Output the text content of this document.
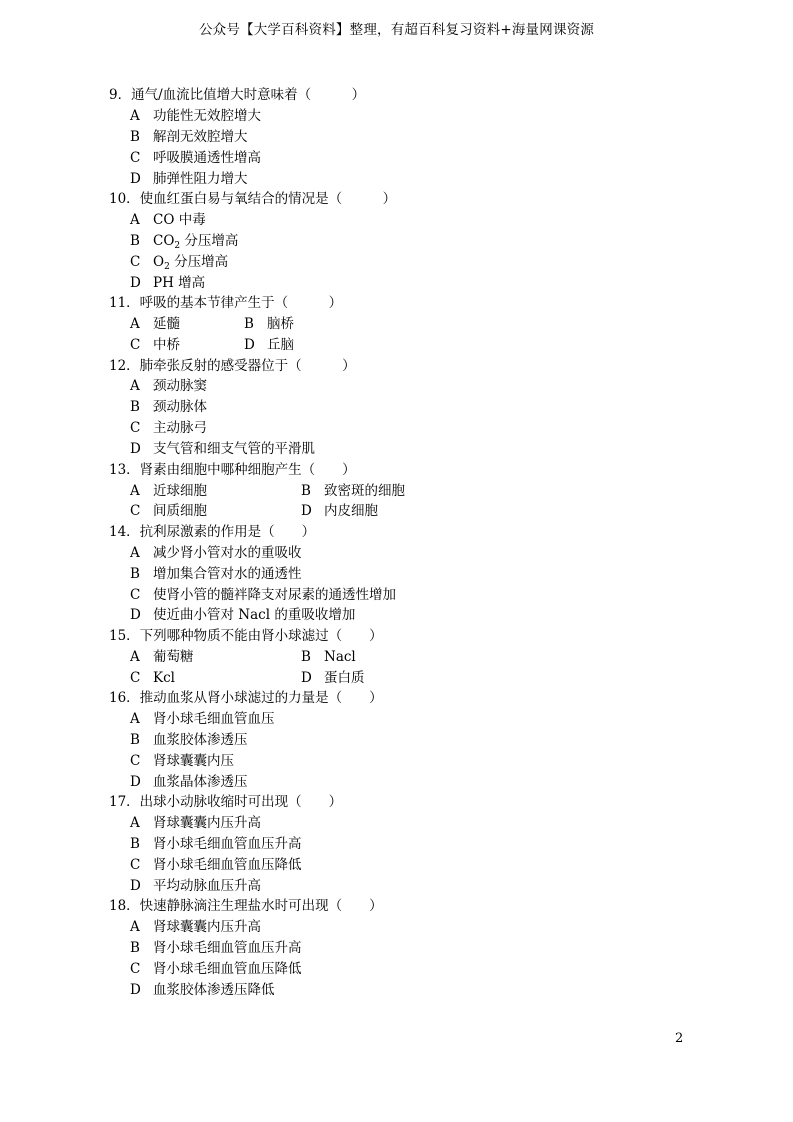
公众号【大学百科资料】整理，有超百科复习资料+海量网课资源
9．通气/血流比值增大时意味着（　　　）
A 功能性无效腔增大
B 解剖无效腔增大
C 呼吸膜通透性增高
D 肺弹性阻力增大
10．使血红蛋白易与氧结合的情况是（　　　）
A CO 中毒
B $CO_2$ 分压增高
C $O_2$ 分压增高
D PH 增高
11．呼吸的基本节律产生于（　　　）
A 延髓	B 脑桥
C 中桥	D 丘脑
12．肺牵张反射的感受器位于（　　　）
A 颈动脉窦
B 颈动脉体
C 主动脉弓
D 支气管和细支气管的平滑肌
13．肾素由细胞中哪种细胞产生（　　）
A 近球细胞	B 致密斑的细胞
C 间质细胞	D 内皮细胞
14．抗利尿激素的作用是（　　）
A 减少肾小管对水的重吸收
B 增加集合管对水的通透性
C 使肾小管的髓袢降支对尿素的通透性增加
D 使近曲小管对 Nacl 的重吸收增加
15．下列哪种物质不能由肾小球滤过（　　）
A 葡萄糖	B Nacl
C Kcl	D 蛋白质
16．推动血浆从肾小球滤过的力量是（　　）
A 肾小球毛细血管血压
B 血浆胶体渗透压
C 肾球囊囊内压
D 血浆晶体渗透压
17．出球小动脉收缩时可出现（　　）
A 肾球囊囊内压升高
B 肾小球毛细血管血压升高
C 肾小球毛细血管血压降低
D 平均动脉血压升高
18．快速静脉滴注生理盐水时可出现（　　）
A 肾球囊囊内压升高
B 肾小球毛细血管血压升高
C 肾小球毛细血管血压降低
D 血浆胶体渗透压降低
2
